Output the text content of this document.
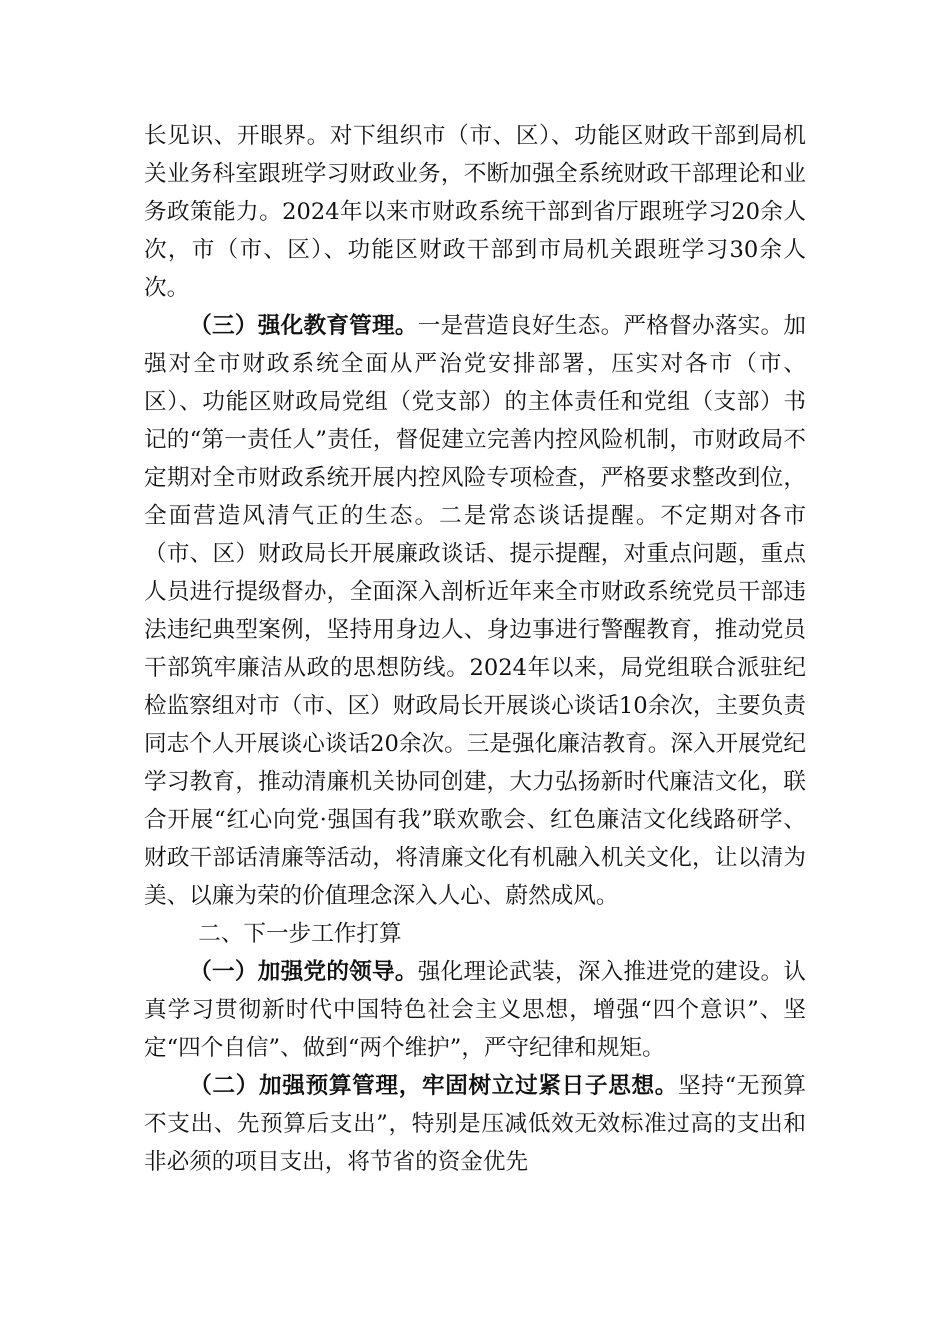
长见识、开眼界。对下组织市（市、区）、功能区财政干部到局机关业务科室跟班学习财政业务，不断加强全系统财政干部理论和业务政策能力。2024年以来市财政系统干部到省厅跟班学习20余人次，市（市、区）、功能区财政干部到市局机关跟班学习30余人次。

（三）强化教育管理。一是营造良好生态。严格督办落实。加强对全市财政系统全面从严治党安排部署，压实对各市（市、区）、功能区财政局党组（党支部）的主体责任和党组（支部）书记的“第一责任人”责任，督促建立完善内控风险机制，市财政局不定期对全市财政系统开展内控风险专项检查，严格要求整改到位，全面营造风清气正的生态。二是常态谈话提醒。不定期对各市（市、区）财政局长开展廉政谈话、提示提醒，对重点问题，重点人员进行提级督办，全面深入剖析近年来全市财政系统党员干部违法违纪典型案例，坚持用身边人、身边事进行警醒教育，推动党员干部筑牢廉洁从政的思想防线。2024年以来，局党组联合派驻纪检监察组对市（市、区）财政局长开展谈心谈话10余次，主要负责同志个人开展谈心谈话20余次。三是强化廉洁教育。深入开展党纪学习教育，推动清廉机关协同创建，大力弘扬新时代廉洁文化，联合开展“红心向党·强国有我”联欢歌会、红色廉洁文化线路研学、财政干部话清廉等活动，将清廉文化有机融入机关文化，让以清为美、以廉为荣的价值理念深入人心、蔚然成风。

二、下一步工作打算

（一）加强党的领导。强化理论武装，深入推进党的建设。认真学习贯彻新时代中国特色社会主义思想，增强“四个意识”、坚定“四个自信”、做到“两个维护”，严守纪律和规矩。

（二）加强预算管理，牢固树立过紧日子思想。坚持“无预算不支出、先预算后支出”，特别是压减低效无效标准过高的支出和非必须的项目支出，将节省的资金优先
